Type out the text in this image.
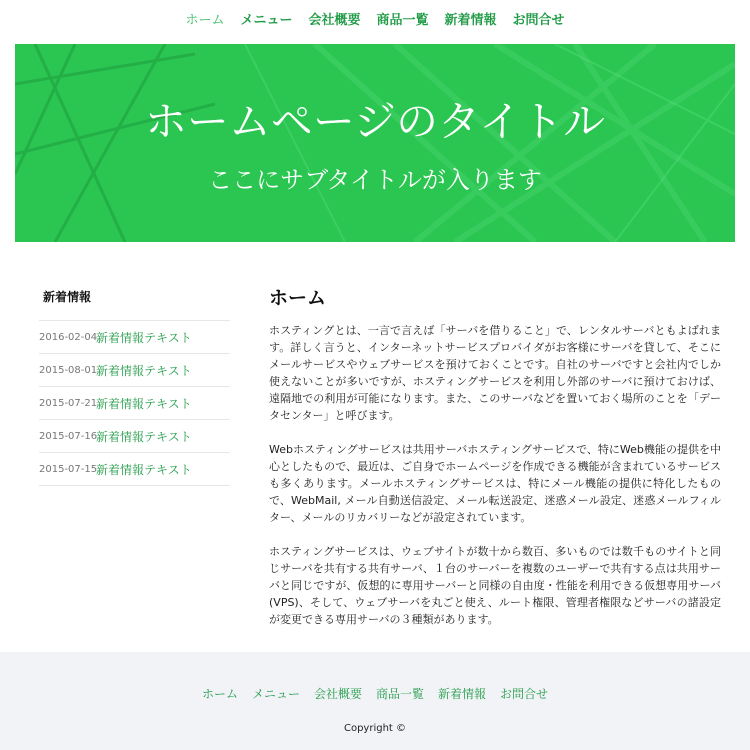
ホーム メニュー 会社概要 商品一覧 新着情報 お問合せ
ホームページのタイトル

ここにサブタイトルが入ります

新着情報
2016-02-04
新着情報テキスト
2015-08-01
新着情報テキスト
2015-07-21
新着情報テキスト
2015-07-16
新着情報テキスト
2015-07-15
新着情報テキスト
ホーム

ホスティングとは、一言で言えば「サーバを借りること」で、レンタルサーバともよばれます。詳しく言うと、インターネットサービスプロバイダがお客様にサーバを貸して、そこにメールサービスやウェブサービスを預けておくことです。自社のサーバですと会社内でしか使えないことが多いですが、ホスティングサービスを利用し外部のサーバに預けておけば、遠隔地での利用が可能になります。また、このサーバなどを置いておく場所のことを「データセンター」と呼びます。

Webホスティングサービスは共用サーバホスティングサービスで、特にWeb機能の提供を中心としたもので、最近は、ご自身でホームページを作成できる機能が含まれているサービスも多くあります。メールホスティングサービスは、特にメール機能の提供に特化したもので、WebMail, メール自動送信設定、メール転送設定、迷惑メール設定、迷惑メールフィルター、メールのリカバリーなどが設定されています。

ホスティングサービスは、ウェブサイトが数十から数百、多いものでは数千ものサイトと同じサーバを共有する共有サーバ、１台のサーバーを複数のユーザーで共有する点は共用サーバと同じですが、仮想的に専用サーバーと同様の自由度・性能を利用できる仮想専用サーバ(VPS)、そして、ウェブサーバを丸ごと使え、ルート権限、管理者権限などサーバの諸設定が変更できる専用サーバの３種類があります。

ホーム メニュー 会社概要 商品一覧 新着情報 お問合せ

Copyright ©
